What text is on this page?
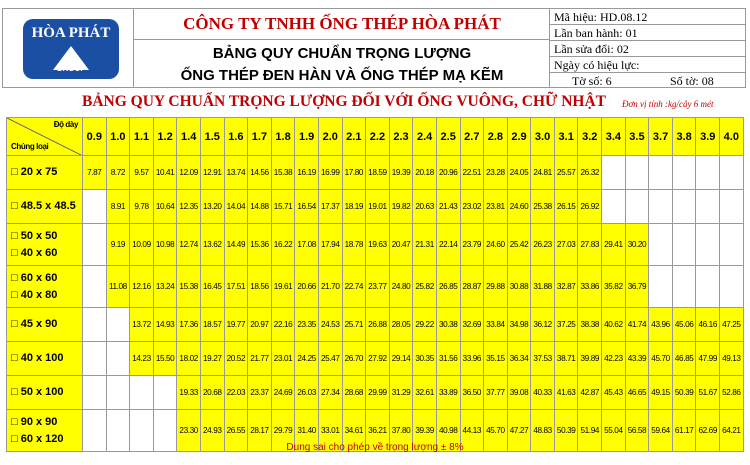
HÒA PHÁT
GROUP
CÔNG TY TNHH ỐNG THÉP HÒA PHÁT
BẢNG QUY CHUẨN TRỌNG LƯỢNG
ỐNG THÉP ĐEN HÀN VÀ ỐNG THÉP MẠ KẼM
Mã hiệu: HD.08.12
Lần ban hành: 01
Lần sửa đổi: 02
Ngày có hiệu lực:
Tờ số: 6	Số tờ: 08
BẢNG QUY CHUẨN TRỌNG LƯỢNG ĐỐI VỚI ỐNG VUÔNG, CHỮ NHẬT Đơn vị tính :kg/cây 6 mét
Độ dày
Chủng loại	0.9	1.0	1.1	1.2	1.4	1.5	1.6	1.7	1.8	1.9	2.0	2.1	2.2	2.3	2.4	2.5	2.7	2.8	2.9	3.0	3.1	3.2	3.4	3.5	3.7	3.8	3.9	4.0

□ 20 x 75	7.87	8.72	9.57	10.41	12.09	12.91	13.74	14.56	15.38	16.19	16.99	17.80	18.59	19.39	20.18	20.96	22.51	23.28	24.05	24.81	25.57	26.32						

□ 48.5 x 48.5		8.91	9.78	10.64	12.35	13.20	14.04	14.88	15.71	16.54	17.37	18.19	19.01	19.82	20.63	21.43	23.02	23.81	24.60	25.38	26.15	26.92						

□ 50 x 50
□ 40 x 60		9.19	10.09	10.98	12.74	13.62	14.49	15.36	16.22	17.08	17.94	18.78	19.63	20.47	21.31	22.14	23.79	24.60	25.42	26.23	27.03	27.83	29.41	30.20				

□ 60 x 60
□ 40 x 80		11.08	12.16	13.24	15.38	16.45	17.51	18.56	19.61	20.66	21.70	22.74	23.77	24.80	25.82	26.85	28.87	29.88	30.88	31.88	32.87	33.86	35.82	36.79				

□ 45 x 90			13.72	14.93	17.36	18.57	19.77	20.97	22.16	23.35	24.53	25.71	26.88	28.05	29.22	30.38	32.69	33.84	34.98	36.12	37.25	38.38	40.62	41.74	43.96	45.06	46.16	47.25

□ 40 x 100			14.23	15.50	18.02	19.27	20.52	21.77	23.01	24.25	25.47	26.70	27.92	29.14	30.35	31.56	33.96	35.15	36.34	37.53	38.71	39.89	42.23	43.39	45.70	46.85	47.99	49.13

□ 50 x 100					19.33	20.68	22.03	23.37	24.69	26.03	27.34	28.68	29.99	31.29	32.61	33.89	36.50	37.77	39.08	40.33	41.63	42.87	45.43	46.65	49.15	50.39	51.67	52.86

□ 90 x 90
□ 60 x 120					23.30	24.93	26.55	28.17	29.79	31.40	33.01	34.61	36.21	37.80	39.39	40.98	44.13	45.70	47.27	48.83	50.39	51.94	55.04	56.58	59.64	61.17	62.69	64.21
Dung sai cho phép về trọng lượng ± 8%
